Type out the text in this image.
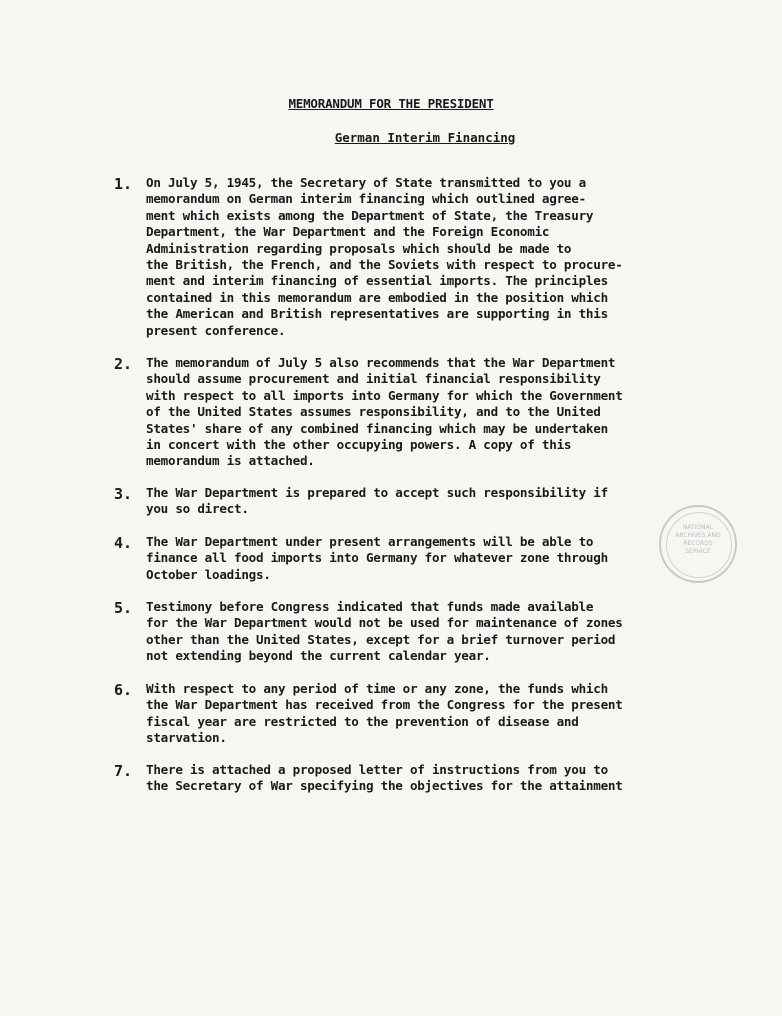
MEMORANDUM FOR THE PRESIDENT
German Interim Financing
1. On July 5, 1945, the Secretary of State transmitted to you a
memorandum on German interim financing which outlined agree-
ment which exists among the Department of State, the Treasury
Department, the War Department and the Foreign Economic
Administration regarding proposals which should be made to
the British, the French, and the Soviets with respect to procure-
ment and interim financing of essential imports. The principles
contained in this memorandum are embodied in the position which
the American and British representatives are supporting in this
present conference.
2. The memorandum of July 5 also recommends that the War Department
should assume procurement and initial financial responsibility
with respect to all imports into Germany for which the Government
of the United States assumes responsibility, and to the United
States' share of any combined financing which may be undertaken
in concert with the other occupying powers. A copy of this
memorandum is attached.
3. The War Department is prepared to accept such responsibility if
you so direct.
4. The War Department under present arrangements will be able to
finance all food imports into Germany for whatever zone through
October loadings.
5. Testimony before Congress indicated that funds made available
for the War Department would not be used for maintenance of zones
other than the United States, except for a brief turnover period
not extending beyond the current calendar year.
6. With respect to any period of time or any zone, the funds which
the War Department has received from the Congress for the present
fiscal year are restricted to the prevention of disease and
starvation.
7. There is attached a proposed letter of instructions from you to
the Secretary of War specifying the objectives for the attainment
NATIONAL
ARCHIVES AND
RECORDS
SERVICE
